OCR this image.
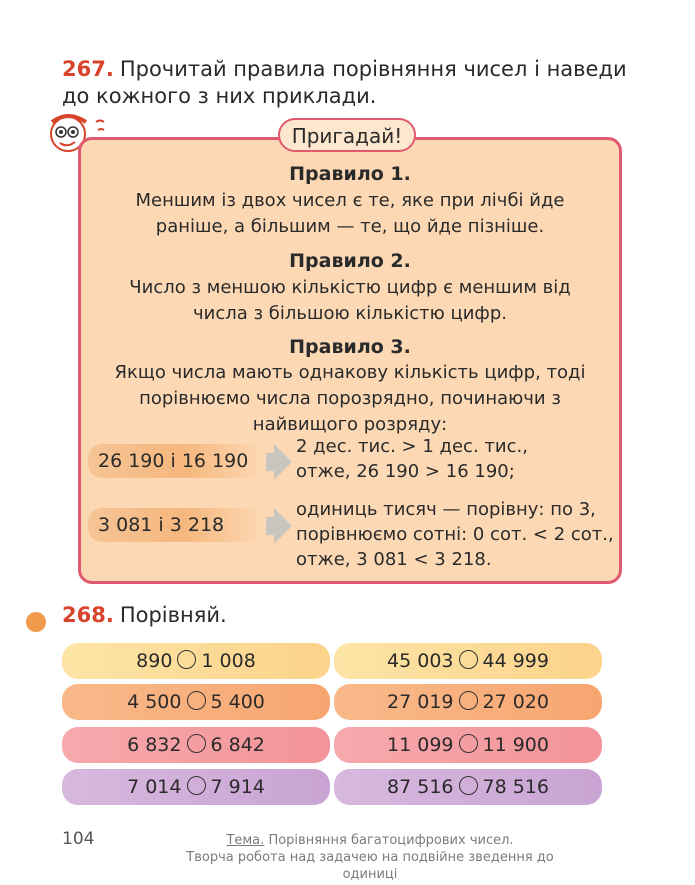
267. Прочитай правила порівняння чисел і наведи до кожного з них приклади.
Пригадай!
Правило 1.
Меншим із двох чисел є те, яке при лічбі йде раніше, а більшим — те, що йде пізніше.
Правило 2.
Число з меншою кількістю цифр є меншим від числа з більшою кількістю цифр.
Правило 3.
Якщо числа мають однакову кількість цифр, тоді порівнюємо числа порозрядно, починаючи з найвищого розряду:
26 190 і 16 190
2 дес. тис. > 1 дес. тис.,
отже, 26 190 > 16 190;
3 081 і 3 218
одиниць тисяч — порівну: по 3,
порівнюємо сотні: 0 сот. < 2 сот.,
отже, 3 081 < 3 218.
268. Порівняй.
890 1 008
4 500 5 400
6 832 6 842
7 014 7 914
45 003 44 999
27 019 27 020
11 099 11 900
87 516 78 516
104	Тема. Порівняння багатоцифрових чисел.
Творча робота над задачею на подвійне зведення до одиниці
